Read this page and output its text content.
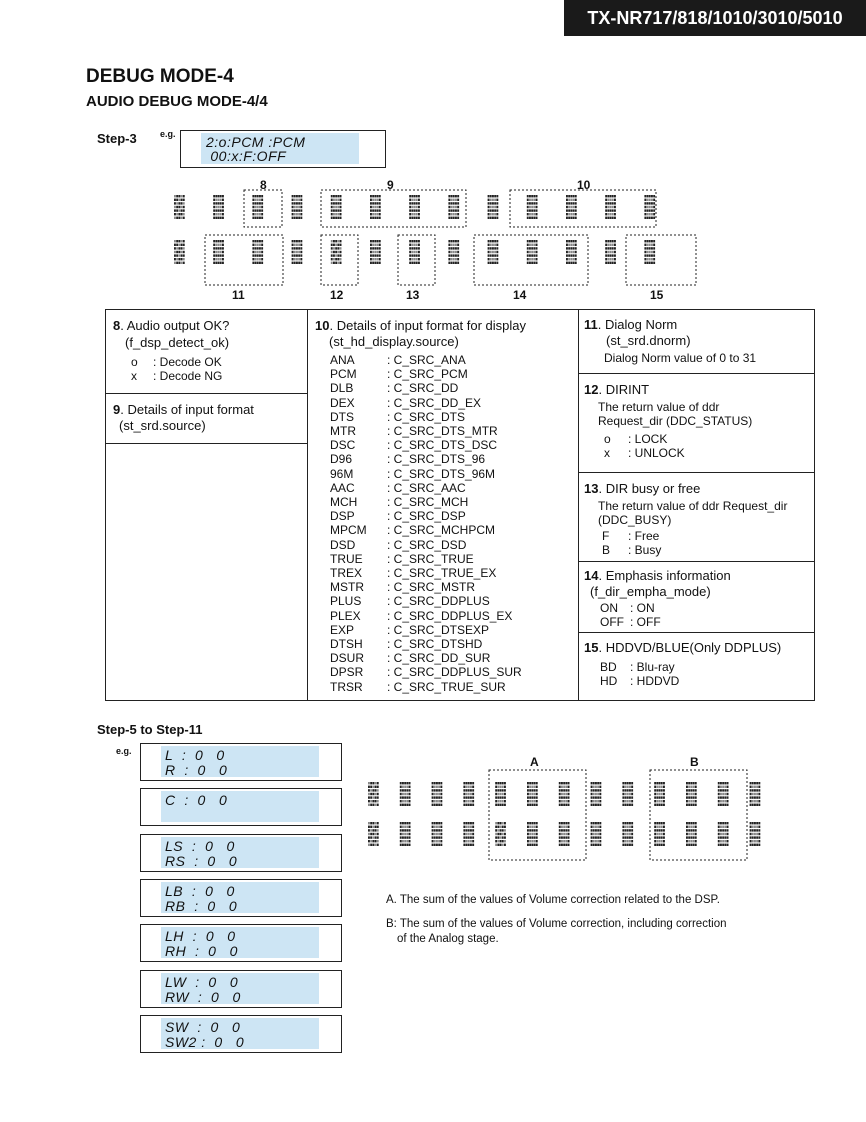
TX-NR717/818/1010/3010/5010
DEBUG MODE-4
AUDIO DEBUG MODE-4/4
Step-3	e.g. 2:o:PCM :PCM
00:x:F:OFF
8	9	10
11	12	13	14	15
8. Audio output OK?
(f_dsp_detect_ok)
o	: Decode OK
x	: Decode NG
9. Details of input format
(st_srd.source)
10. Details of input format for display
(st_hd_display.source)
ANA	: C_SRC_ANA
PCM	: C_SRC_PCM
DLB	: C_SRC_DD
DEX	: C_SRC_DD_EX
DTS	: C_SRC_DTS
MTR	: C_SRC_DTS_MTR
DSC	: C_SRC_DTS_DSC
D96	: C_SRC_DTS_96
96M	: C_SRC_DTS_96M
AAC	: C_SRC_AAC
MCH	: C_SRC_MCH
DSP	: C_SRC_DSP
MPCM	: C_SRC_MCHPCM
DSD	: C_SRC_DSD
TRUE	: C_SRC_TRUE
TREX	: C_SRC_TRUE_EX
MSTR	: C_SRC_MSTR
PLUS	: C_SRC_DDPLUS
PLEX	: C_SRC_DDPLUS_EX
EXP	: C_SRC_DTSEXP
DTSH	: C_SRC_DTSHD
DSUR	: C_SRC_DD_SUR
DPSR	: C_SRC_DDPLUS_SUR
TRSR	: C_SRC_TRUE_SUR
11. Dialog Norm
(st_srd.dnorm)
Dialog Norm value of 0 to 31
12. DIRINT
The return value of ddr
Request_dir (DDC_STATUS)
o	: LOCK
x	: UNLOCK
13. DIR busy or free
The return value of ddr Request_dir
(DDC_BUSY)
F	: Free
B	: Busy
14. Emphasis information
(f_dir_empha_mode)
ON	: ON
OFF : OFF
15. HDDVD/BLUE(Only DDPLUS)
BD	: Blu-ray
HD	: HDDVD
Step-5 to Step-11
e.g. L  :  0   0
R  :  0   0
C  :  0   0
LS  :  0   0
RS  :  0   0
LB  :  0   0
RB  :  0   0
LH  :  0   0
RH  :  0   0
LW  :  0   0
RW  :  0   0
SW  :  0   0
SW2 :  0   0
A	B
A. The sum of the values of Volume correction related to the DSP.
B: The sum of the values of Volume correction, including correction
of the Analog stage.
